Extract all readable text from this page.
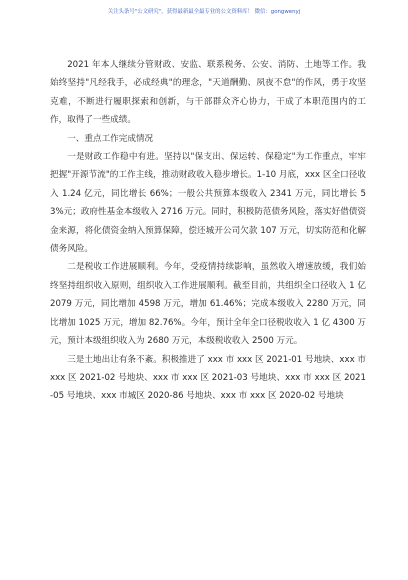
关注头条号"公文研究"，获得最新最全最专业的公文资料库！ 微信：gongwenyj

2021 年本人继续分管财政、安监、联系税务、公安、消防、土地等工作。我始终坚持"凡经我手，必成经典"的理念，"天道酬勤、夙夜不怠"的作风，勇于攻坚克难，不断进行履职探索和创新，与干部群众齐心协力，干成了本职范围内的工作，取得了一些成绩。

一、重点工作完成情况

一是财政工作稳中有进。坚持以"保支出、保运转、保稳定"为工作重点，牢牢把握"开源节流"的工作主线，推动财政收入稳步增长。1-10 月底，xxx 区全口径收入 1.24 亿元，同比增长 66%；一般公共预算本级收入 2341 万元，同比增长 53%元；政府性基金本级收入 2716 万元。同时，积极防范债务风险，落实好借债资金来源，将化债资金纳入预算保障，偿还城开公司欠款 107 万元，切实防范和化解债务风险。

二是税收工作进展顺利。今年，受疫情持续影响，虽然收入增速放缓，我们始终坚持组织收入原则，组织收入工作进展顺利。截至目前，共组织全口径收入 1 亿 2079 万元，同比增加 4598 万元，增加 61.46%；完成本级收入 2280 万元，同比增加 1025 万元，增加 82.76%。今年，预计全年全口径税收收入 1 亿 4300 万元，预计本级组织收入为 2680 万元，本级税收收入 2500 万元。

三是土地出让有条不紊。积极推进了 xxx 市 xxx 区 2021-01 号地块、xxx 市 xxx 区 2021-02 号地块、xxx 市 xxx 区 2021-03 号地块、xxx 市 xxx 区 2021-05 号地块、xxx 市城区 2020-86 号地块、xxx 市 xxx 区 2020-02 号地块
